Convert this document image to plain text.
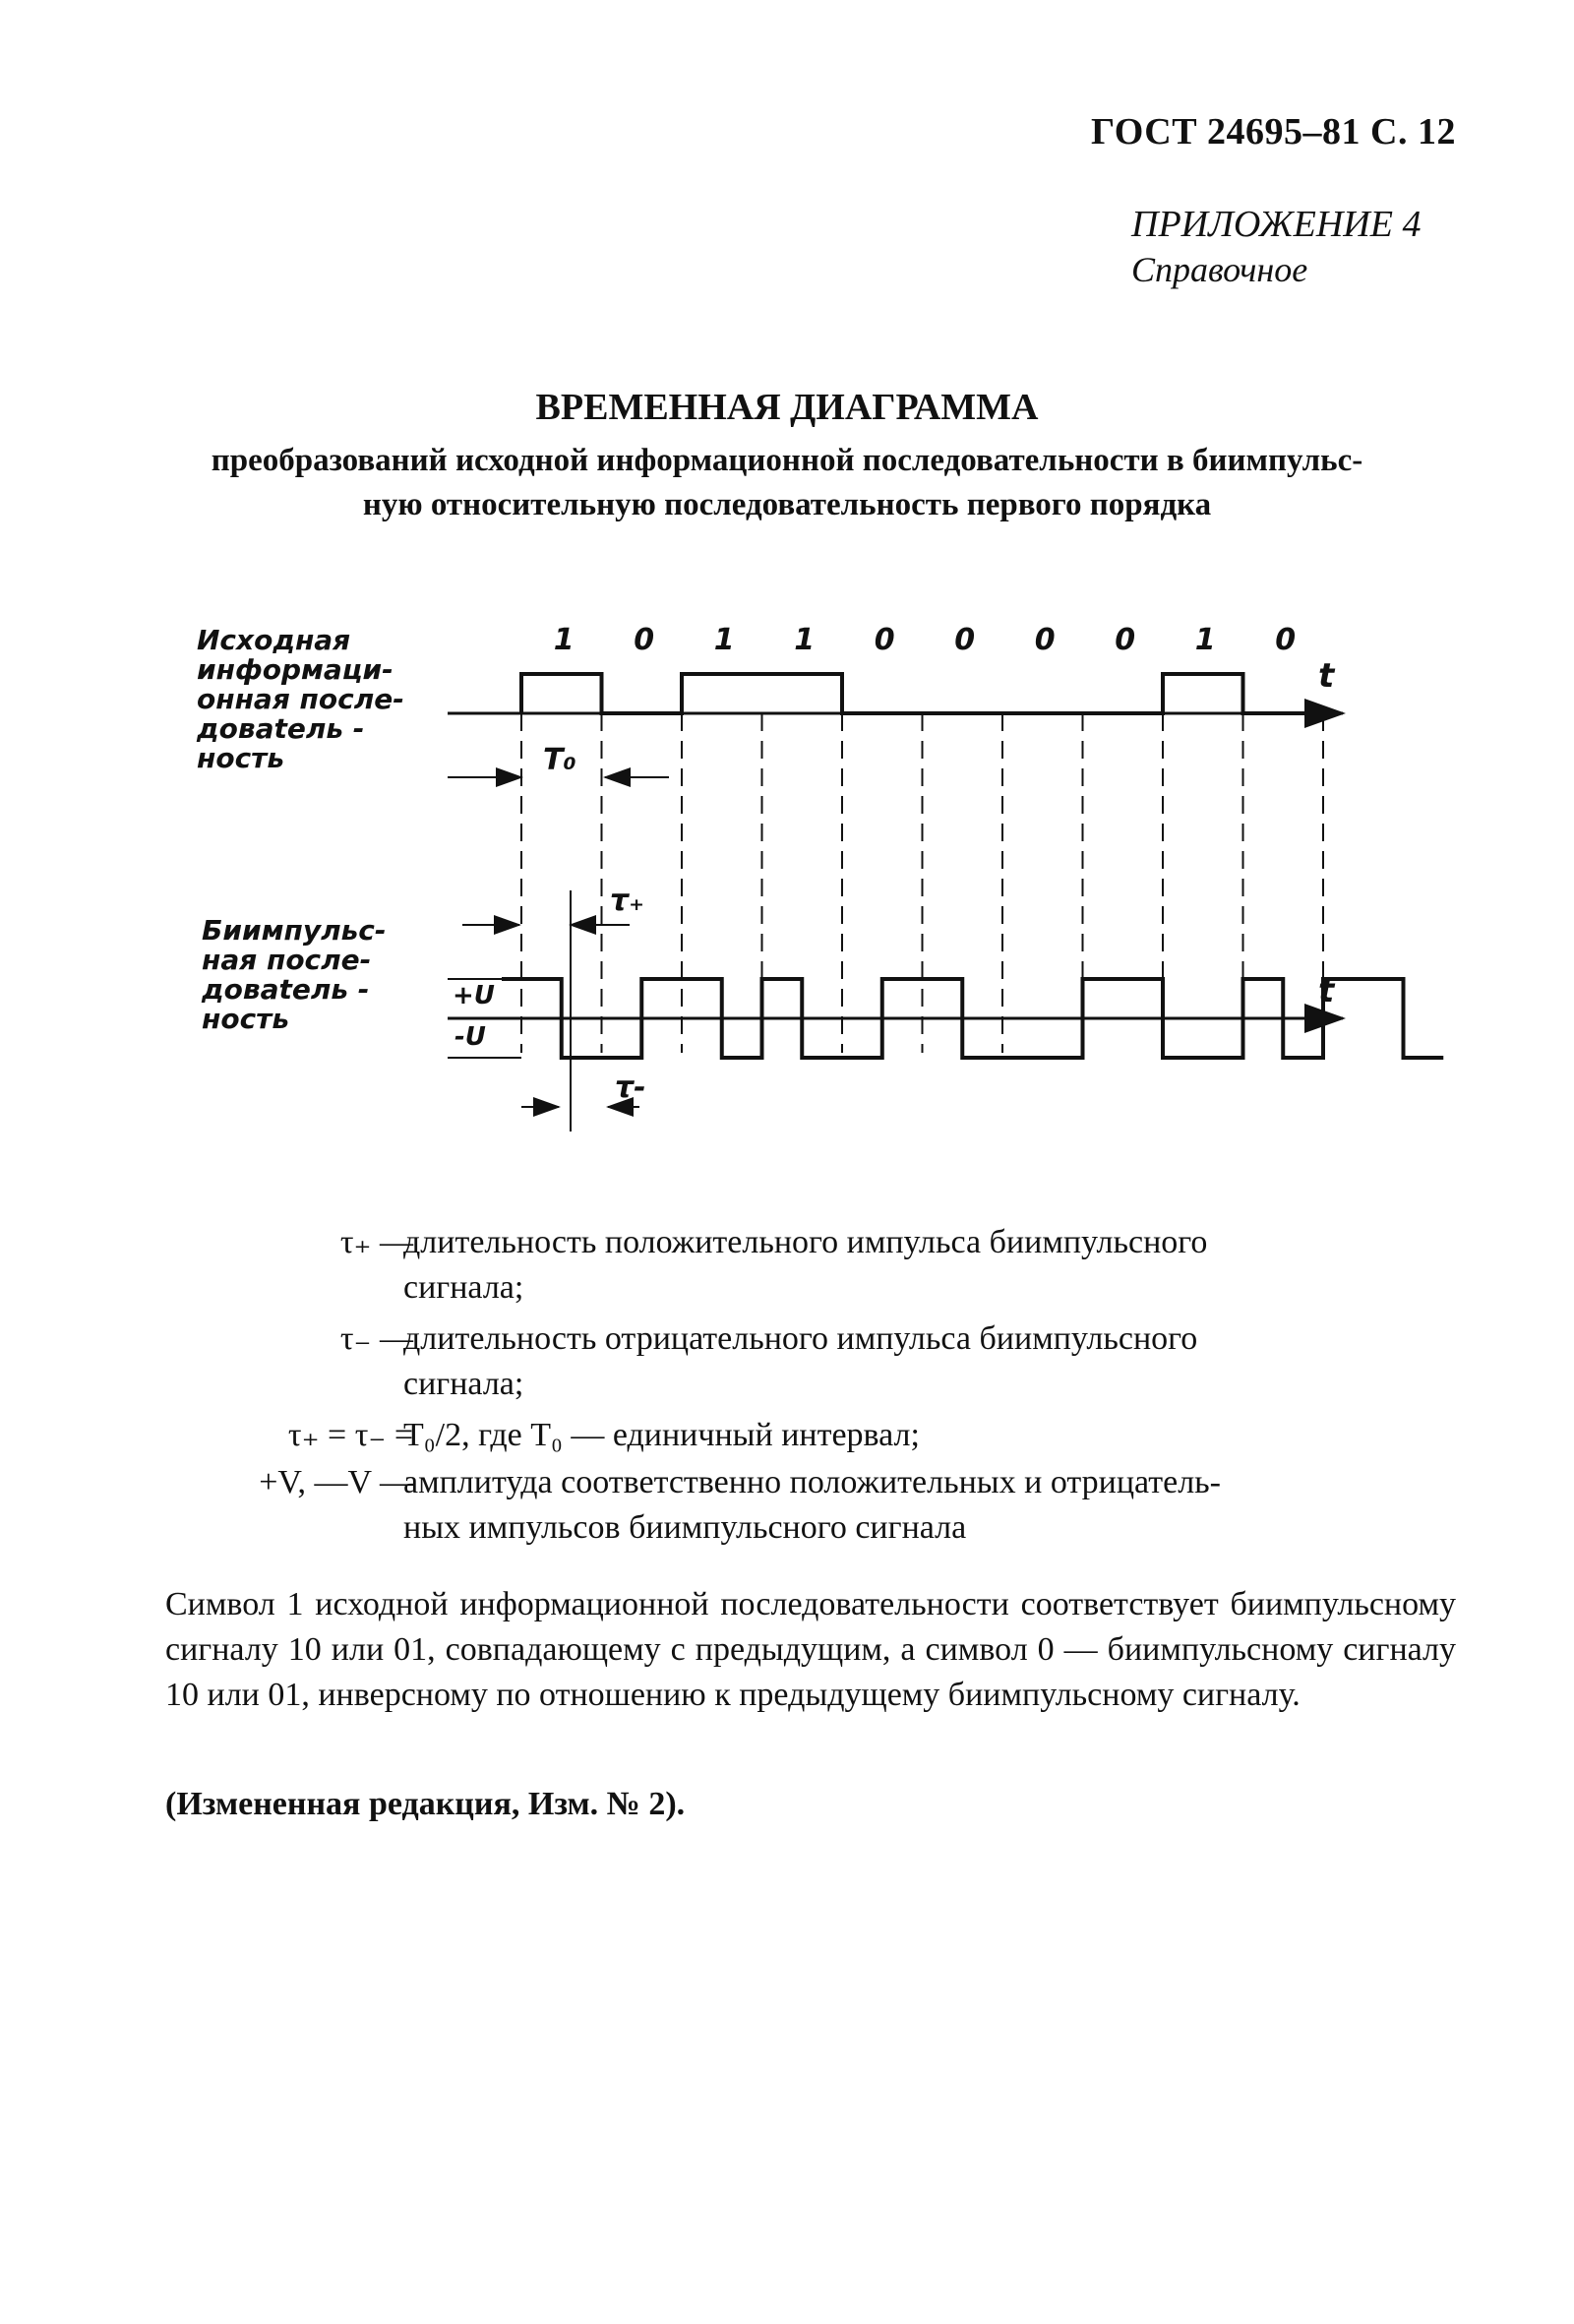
ГОСТ 24695–81 С. 12
ПРИЛОЖЕНИЕ 4
Справочное
ВРЕМЕННАЯ ДИАГРАММА
преобразований исходной информационной последовательности в биимпульс-
ную относительную последовательность первого порядка
Исходная
информаци-
онная после-
довatель -
ность
Биимпульс-
ная после-
довatель -
ность
t
t
+U
-U
T₀
τ₊
τ-
1 0 1 1 0 0 0 0 1 0
τ₊ —
длительность положительного импульса биимпульсного
сигнала;
τ₋ —
длительность отрицательного импульса биимпульсного
сигнала;
τ₊ = τ₋ =
T₀/2, где T₀ — единичный интервал;
+V, —V —
амплитуда соответственно положительных и отрицатель-
ных импульсов биимпульсного сигнала
Символ 1 исходной информационной последовательности соответствует биимпульсному сигналу 10 или 01, совпадающему с предыдущим, а символ 0 — биимпульсному сигналу 10 или 01, инверсному по отношению к предыдущему биимпульсному сигналу.
(Измененная редакция, Изм. № 2).
